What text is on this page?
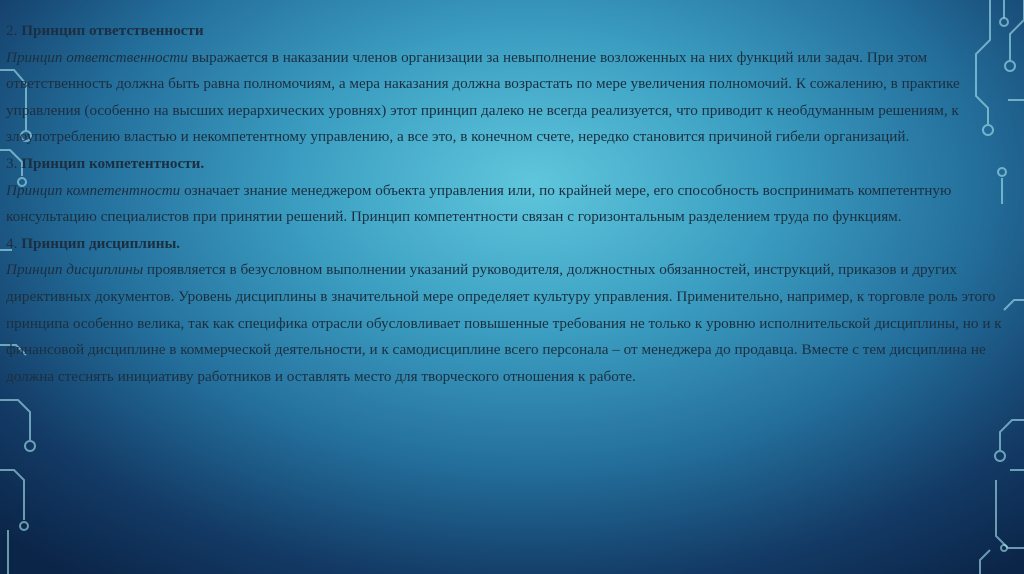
2. Принцип ответственности

Принцип ответственности выражается в наказании членов организации за невыполнение возложенных на них функций или задач. При этом ответственность должна быть равна полномочиям, а мера наказания должна возрастать по мере увеличения полномочий. К сожалению, в практике управления (особенно на высших иерархических уровнях) этот принцип далеко не всегда реализуется, что приводит к необдуманным решениям, к злоупотреблению властью и некомпетентному управлению, а все это, в конечном счете, нередко становится причиной гибели организаций.

3. Принцип компетентности.

Принцип компетентности означает знание менеджером объекта управления или, по крайней мере, его способность воспринимать компетентную консультацию специалистов при принятии решений. Принцип компетентности связан с горизонтальным разделением труда по функциям.

4. Принцип дисциплины.

Принцип дисциплины проявляется в безусловном выполнении указаний руководителя, должностных обязанностей, инструкций, приказов и других директивных документов. Уровень дисциплины в значительной мере определяет культуру управления. Применительно, например, к торговле роль этого принципа особенно велика, так как специфика отрасли обусловливает повышенные требования не только к уровню исполнительской дисциплины, но и к финансовой дисциплине в коммерческой деятельности, и к самодисциплине всего персонала – от менеджера до продавца. Вместе с тем дисциплина не должна стеснять инициативу работников и оставлять место для творческого отношения к работе.
